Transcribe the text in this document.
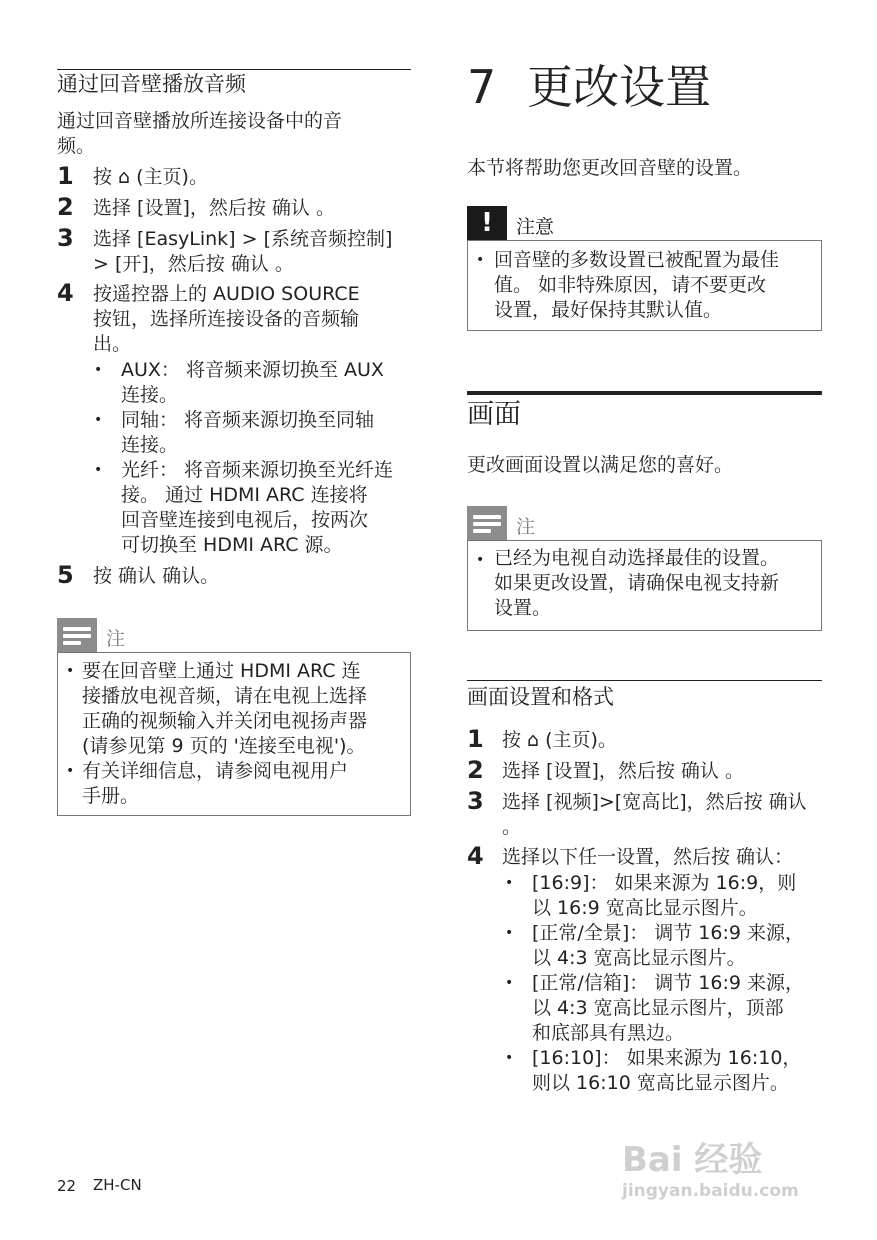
通过回音壁播放音频
通过回音壁播放所连接设备中的音
频。
1 按 ⌂ (主页)。
2 选择 [设置]，然后按 确认 。
3 选择 [EasyLink] > [系统音频控制]
> [开]，然后按 确认 。
4 按遥控器上的 AUDIO SOURCE
按钮，选择所连接设备的音频输
出。
• AUX： 将音频来源切换至 AUX
连接。
• 同轴： 将音频来源切换至同轴
连接。
• 光纤： 将音频来源切换至光纤连
接。 通过 HDMI ARC 连接将
回音壁连接到电视后，按两次
可切换至 HDMI ARC 源。
5 按 确认 确认。
注
• 要在回音壁上通过 HDMI ARC 连
接播放电视音频，请在电视上选择
正确的视频输入并关闭电视扬声器
(请参见第 9 页的 '连接至电视')。
• 有关详细信息，请参阅电视用户
手册。
7 更改设置
本节将帮助您更改回音壁的设置。
!	注意
• 回音壁的多数设置已被配置为最佳
值。 如非特殊原因，请不要更改
设置，最好保持其默认值。
画面
更改画面设置以满足您的喜好。
注
• 已经为电视自动选择最佳的设置。
如果更改设置，请确保电视支持新
设置。
画面设置和格式
1 按 ⌂ (主页)。
2 选择 [设置]，然后按 确认 。
3 选择 [视频]>[宽高比]，然后按 确认
。
4 选择以下任一设置，然后按 确认：
• [16:9]： 如果来源为 16:9，则
以 16:9 宽高比显示图片。
• [正常/全景]： 调节 16:9 来源，
以 4:3 宽高比显示图片。
• [正常/信箱]： 调节 16:9 来源，
以 4:3 宽高比显示图片，顶部
和底部具有黑边。
• [16:10]： 如果来源为 16:10，
则以 16:10 宽高比显示图片。
22 ZH-CN
Bai 经验
jingyan.baidu.com
